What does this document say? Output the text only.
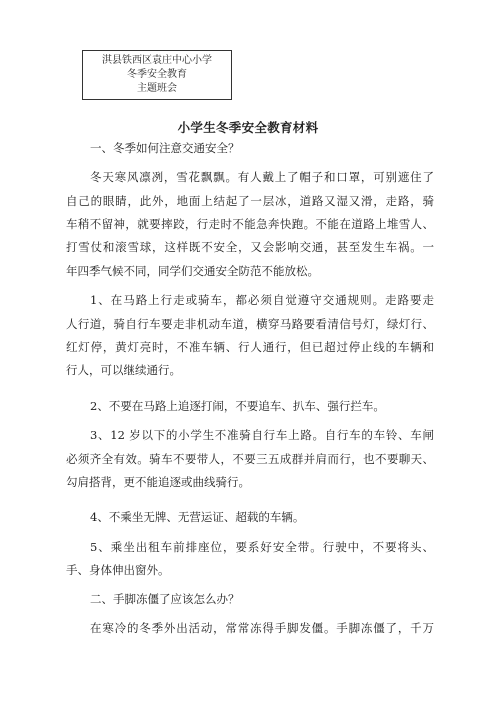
淇县铁西区袁庄中心小学
冬季安全教育
主题班会
小学生冬季安全教育材料
一、冬季如何注意交通安全？
冬天寒风凛冽，雪花飘飘。有人戴上了帽子和口罩，可别遮住了
自己的眼睛，此外，地面上结起了一层冰，道路又湿又滑，走路，骑
车稍不留神，就要摔跤，行走时不能急奔快跑。不能在道路上堆雪人、
打雪仗和滚雪球，这样既不安全，又会影响交通，甚至发生车祸。一
年四季气候不同，同学们交通安全防范不能放松。
1、在马路上行走或骑车，都必须自觉遵守交通规则。走路要走
人行道，骑自行车要走非机动车道，横穿马路要看清信号灯，绿灯行、
红灯停，黄灯亮时，不准车辆、行人通行，但已超过停止线的车辆和
行人，可以继续通行。
2、不要在马路上追逐打闹，不要追车、扒车、强行拦车。
3、12 岁以下的小学生不准骑自行车上路。自行车的车铃、车闸
必须齐全有效。骑车不要带人，不要三五成群并肩而行，也不要聊天、
勾肩搭背，更不能追逐或曲线骑行。
4、不乘坐无牌、无营运证、超载的车辆。
5、乘坐出租车前排座位，要系好安全带。行驶中，不要将头、
手、身体伸出窗外。
二、手脚冻僵了应该怎么办？
在寒冷的冬季外出活动，常常冻得手脚发僵。手脚冻僵了，千万
